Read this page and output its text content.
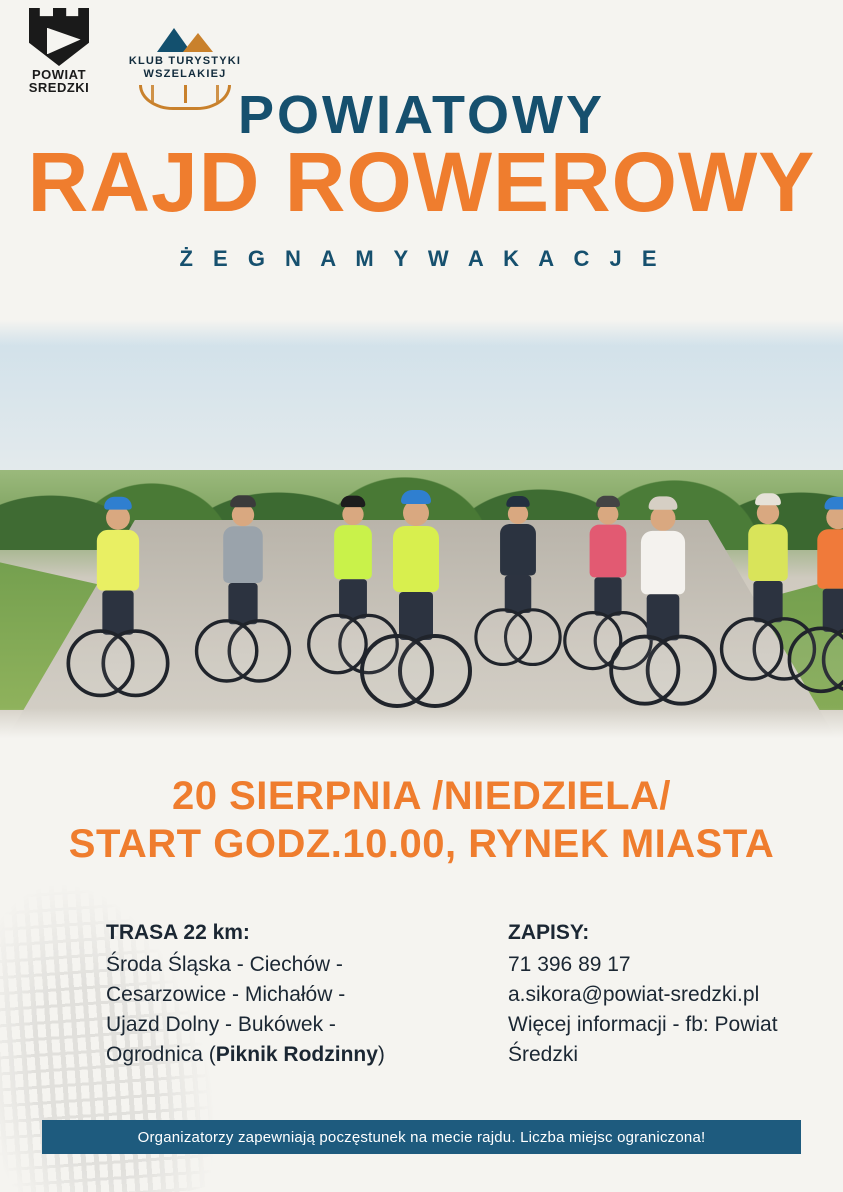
POWIAT
SREDZKI
KLUB TURYSTYKI
WSZELAKIEJ
POWIATOWY
RAJD ROWEROWY
Ż E G N A M Y W A K A C J E
20 SIERPNIA /NIEDZIELA/
START GODZ.10.00, RYNEK MIASTA
TRASA 22 km:
Środa Śląska - Ciechów -
Cesarzowice - Michałów -
Ujazd Dolny - Bukówek -
Ogrodnica (Piknik Rodzinny)
ZAPISY:
71 396 89 17
a.sikora@powiat-sredzki.pl
Więcej informacji - fb: Powiat
Średzki
Organizatorzy zapewniają poczęstunek na mecie rajdu. Liczba miejsc ograniczona!
